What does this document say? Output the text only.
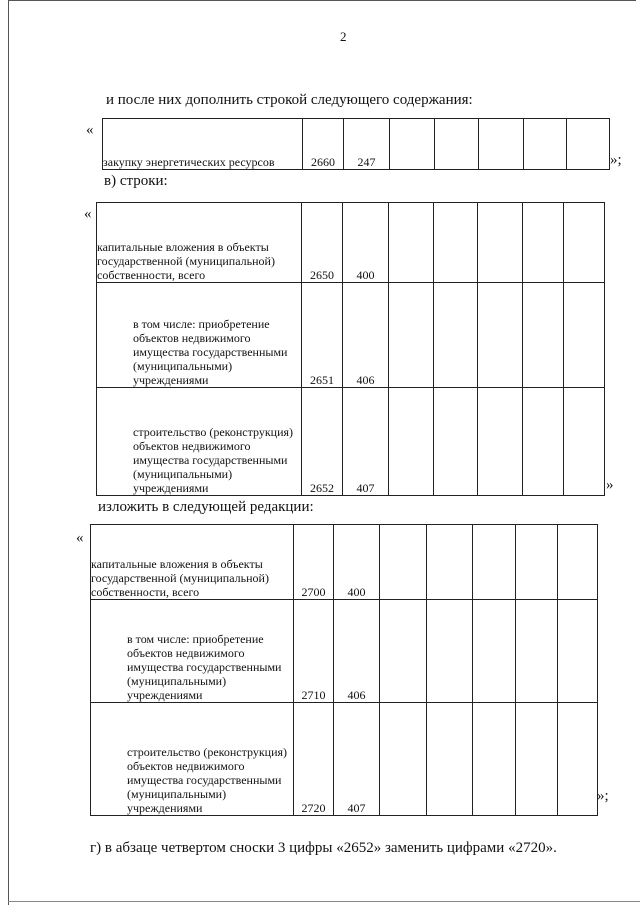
2
и после них дополнить строкой следующего содержания:
«
закупку энергетических ресурсов	2660	247						»;
в) строки:
«
капитальные вложения в объекты государственной (муниципальной) собственности, всего	2650	400					
в том числе: приобретение объектов недвижимого имущества государственными (муниципальными) учреждениями	2651	406					
строительство (реконструкция) объектов недвижимого имущества государственными (муниципальными) учреждениями	2652	407						»
изложить в следующей редакции:
«
капитальные вложения в объекты государственной (муниципальной) собственности, всего	2700	400					
в том числе: приобретение объектов недвижимого имущества государственными (муниципальными) учреждениями	2710	406					
строительство (реконструкция) объектов недвижимого имущества государственными (муниципальными) учреждениями	2720	407					
»;
г) в абзаце четвертом сноски 3 цифры «2652» заменить цифрами «2720».
